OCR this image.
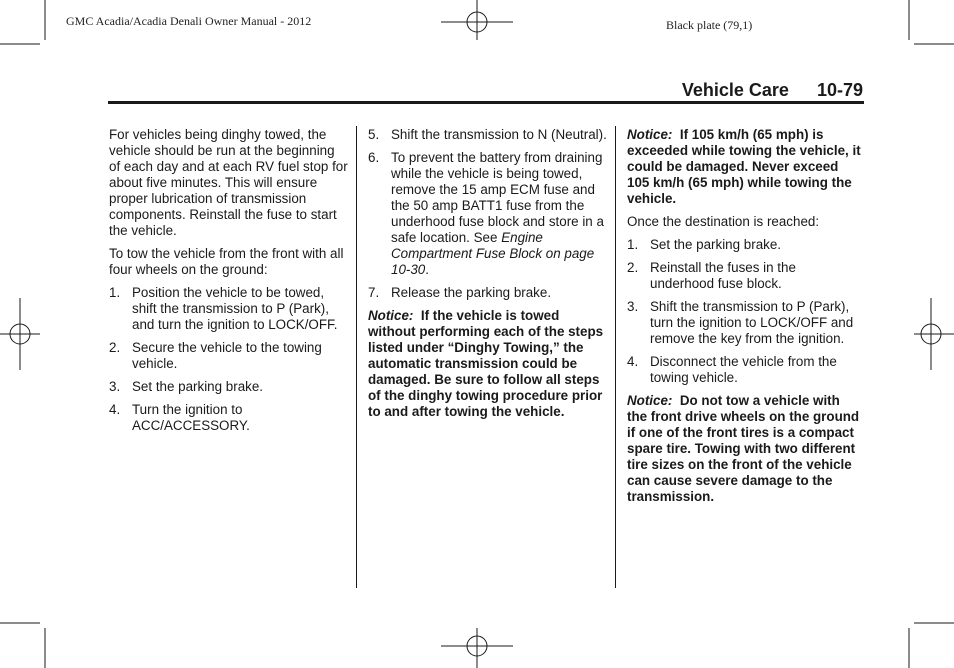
GMC Acadia/Acadia Denali Owner Manual - 2012	Black plate (79,1)
Vehicle Care 10-79

For vehicles being dinghy towed, the vehicle should be run at the beginning of each day and at each RV fuel stop for about five minutes. This will ensure proper lubrication of transmission components. Reinstall the fuse to start the vehicle.

To tow the vehicle from the front with all four wheels on the ground:

1. Position the vehicle to be towed, shift the transmission to P (Park), and turn the ignition to LOCK/OFF.
2. Secure the vehicle to the towing vehicle.
3. Set the parking brake.
4. Turn the ignition to ACC/ACCESSORY.
5. Shift the transmission to N (Neutral).
6. To prevent the battery from draining while the vehicle is being towed, remove the 15 amp ECM fuse and the 50 amp BATT1 fuse from the underhood fuse block and store in a safe location. See Engine Compartment Fuse Block on page 10-30.
7. Release the parking brake.

Notice: If the vehicle is towed without performing each of the steps listed under “Dinghy Towing,” the automatic transmission could be damaged. Be sure to follow all steps of the dinghy towing procedure prior to and after towing the vehicle.

Notice: If 105 km/h (65 mph) is exceeded while towing the vehicle, it could be damaged. Never exceed 105 km/h (65 mph) while towing the vehicle.

Once the destination is reached:

1. Set the parking brake.
2. Reinstall the fuses in the underhood fuse block.
3. Shift the transmission to P (Park), turn the ignition to LOCK/OFF and remove the key from the ignition.
4. Disconnect the vehicle from the towing vehicle.

Notice: Do not tow a vehicle with the front drive wheels on the ground if one of the front tires is a compact spare tire. Towing with two different tire sizes on the front of the vehicle can cause severe damage to the transmission.
